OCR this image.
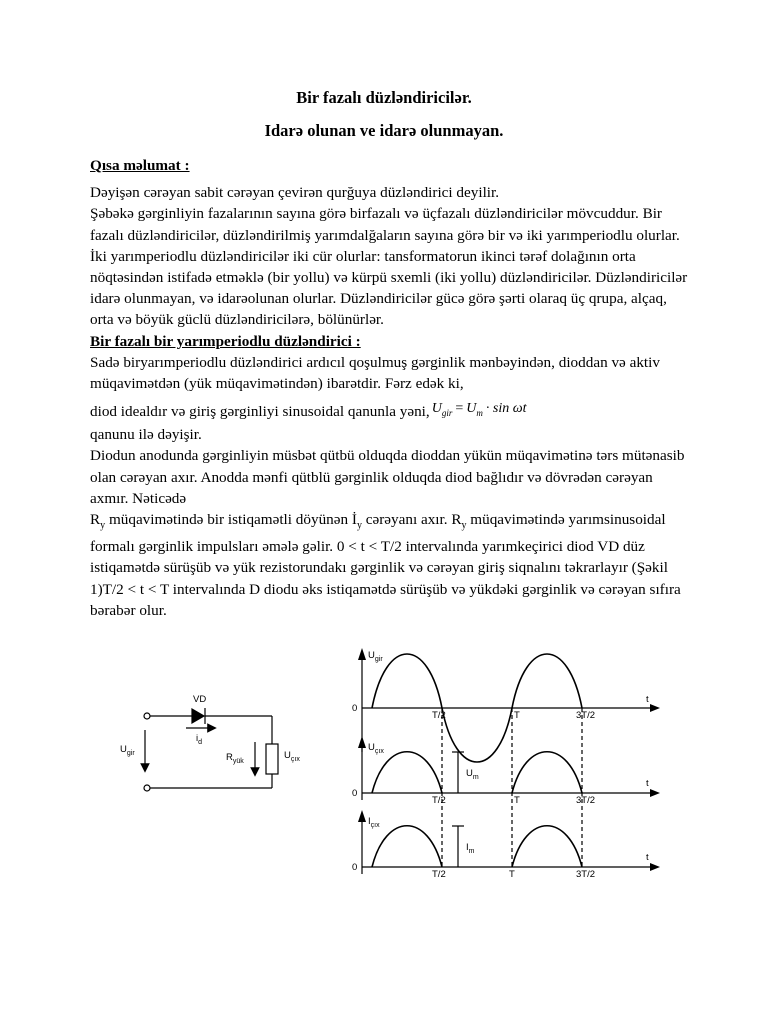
Bir fazalı düzləndiricilər.
Idarə olunan ve idarə olunmayan.

Qısa məlumat :

Dəyişən cərəyan sabit cərəyan çevirən qurğuya düzləndirici deyilir.

Şəbəkə gərginliyin fazalarının sayına görə birfazalı və üçfazalı düzləndiricilər mövcuddur. Bir fazalı düzləndiricilər, düzləndirilmiş yarımdalğaların sayına görə bir və iki yarımperiodlu olurlar. İki yarımperiodlu düzləndiricilər iki cür olurlar: tansformatorun ikinci tərəf dolağının orta nöqtəsindən istifadə etməklə (bir yollu) və kürpü sxemli (iki yollu) düzləndiricilər. Düzləndiricilər idarə olunmayan, və idarəolunan olurlar. Düzləndiricilər gücə görə şərti olaraq üç qrupa, alçaq, orta və böyük güclü düzləndiricilərə, bölünürlər.

Bir fazalı bir yarımperiodlu düzləndirici :

Sadə biryarımperiodlu düzləndirici ardıcıl qoşulmuş gərginlik mənbəyindən, dioddan və aktiv müqavimətdən (yük müqavimətindən) ibarətdir. Fərz edək ki,

diod idealdır və giriş gərginliyi sinusoidal qanunla yəni, $U_{gir} = U_m \cdot \sin \omega t$

qanunu ilə dəyişir.

Diodun anodunda gərginliyin müsbət qütbü olduqda dioddan yükün müqavimətinə tərs mütənasib olan cərəyan axır. Anodda mənfi qütblü gərginlik olduqda diod bağlıdır və dövrədən cərəyan axmır. Nəticədə

$R_y$ müqavimətində bir istiqamətli döyünən $İ_y$ cərəyanı axır. $R_y$ müqavimətində yarımsinusoidal formalı gərginlik impulsları əmələ gəlir. 0 < t < T/2 intervalında yarımkeçirici diod VD düz istiqamətdə sürüşüb və yük rezistorundakı gərginlik və cərəyan giriş siqnalını təkrarlayır (Şəkil 1)T/2 < t < T intervalında D diodu əks istiqamətdə sürüşüb və yükdəki gərginlik və cərəyan sıfıra bərabər olur.

VD
$i_d$
$U_{gir}$	$R_{yük}$
$U_{çıx}$
$U_{gir}$
0
t
T/2	T	3T/2
$U_{çıx}$
0
t
T/2	T	3T/2
$U_m$
$I_{çıx}$
0
t
T/2	T	3T/2
$I_m$
